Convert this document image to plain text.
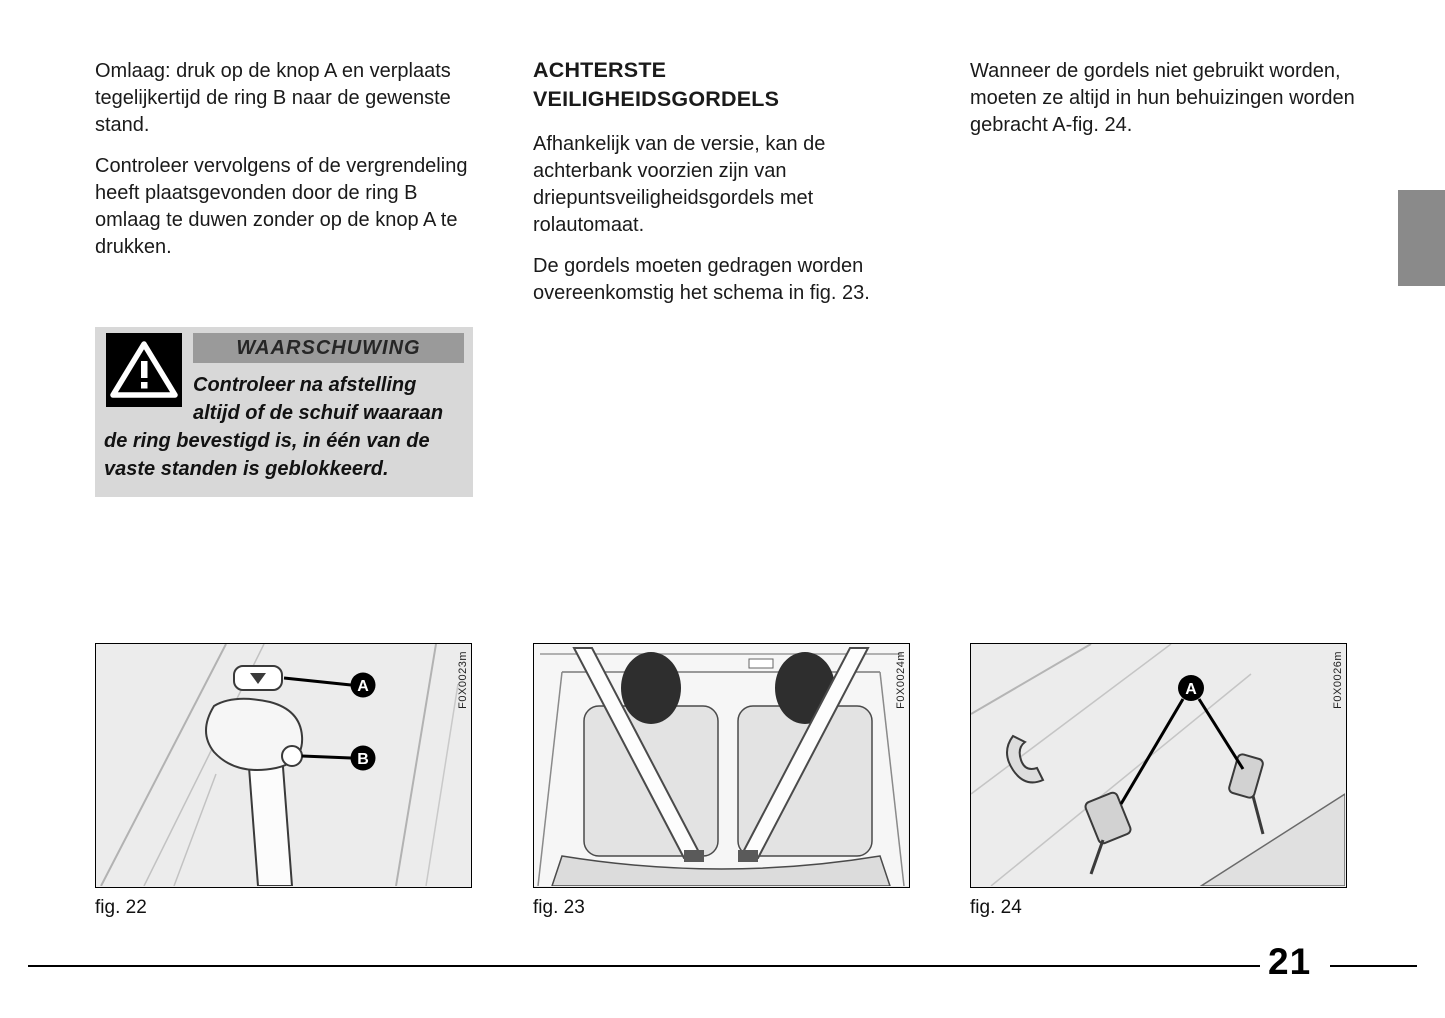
Omlaag: druk op de knop A en verplaats tegelijkertijd de ring B naar de gewenste stand.

Controleer vervolgens of de vergrendeling heeft plaatsgevonden door de ring B omlaag te duwen zonder op de knop A te drukken.

ACHTERSTE VEILIGHEIDSGORDELS

Afhankelijk van de versie, kan de achterbank voorzien zijn van driepuntsveiligheidsgordels met rolautomaat.

De gordels moeten gedragen worden overeenkomstig het schema in fig. 23.

Wanneer de gordels niet gebruikt worden, moeten ze altijd in hun behuizingen worden gebracht A-fig. 24.

WAARSCHUWING

Controleer na afstelling altijd of de schuif waaraan de ring bevestigd is, in één van de vaste standen is geblokkeerd.

A
B
F0X0023m
fig. 22
F0X0024m
fig. 23
A	F0X0026m
fig. 24
21
